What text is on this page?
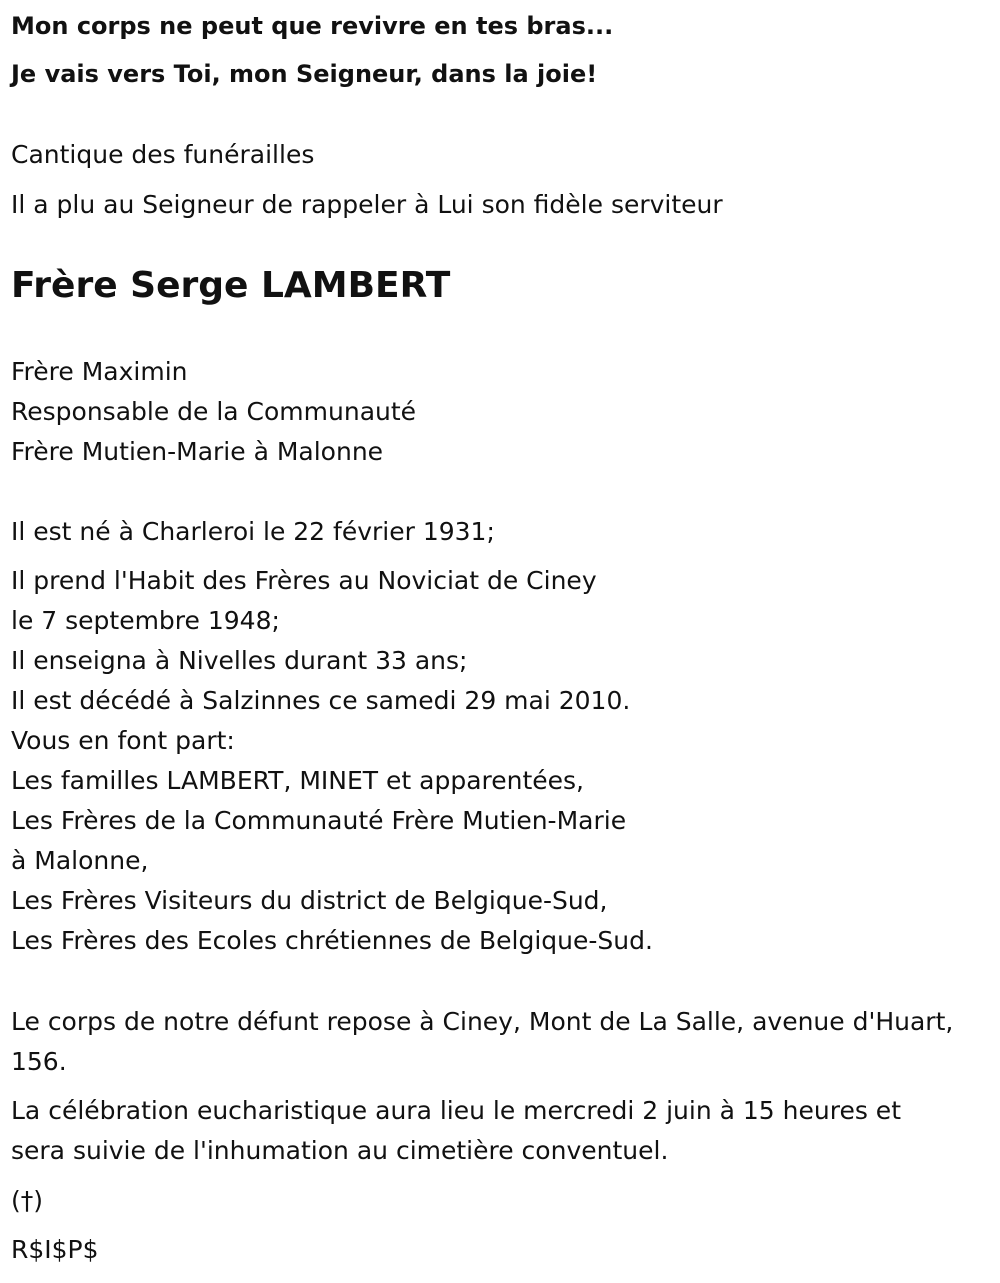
Mon corps ne peut que revivre en tes bras...

Je vais vers Toi, mon Seigneur, dans la joie!

Cantique des funérailles

Il a plu au Seigneur de rappeler à Lui son fidèle serviteur

Frère Serge LAMBERT

Frère Maximin

Responsable de la Communauté

Frère Mutien-Marie à Malonne

Il est né à Charleroi le 22 février 1931;

Il prend l'Habit des Frères au Noviciat de Ciney

le 7 septembre 1948;

Il enseigna à Nivelles durant 33 ans;

Il est décédé à Salzinnes ce samedi 29 mai 2010.

Vous en font part:

Les familles LAMBERT, MINET et apparentées,

Les Frères de la Communauté Frère Mutien-Marie

à Malonne,

Les Frères Visiteurs du district de Belgique-Sud,

Les Frères des Ecoles chrétiennes de Belgique-Sud.

Le corps de notre défunt repose à Ciney, Mont de La Salle, avenue d'Huart, 156.

La célébration eucharistique aura lieu le mercredi 2 juin à 15 heures et sera suivie de l'inhumation au cimetière conventuel.

(†)

R$I$P$
